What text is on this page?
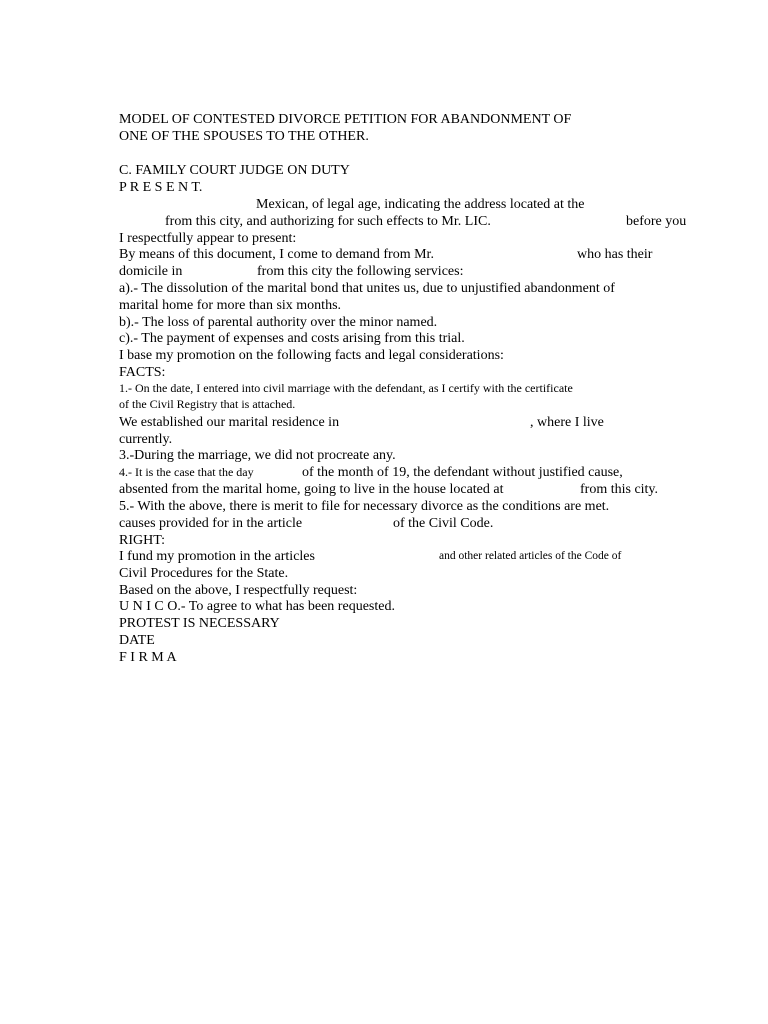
MODEL OF CONTESTED DIVORCE PETITION FOR ABANDONMENT OF
ONE OF THE SPOUSES TO THE OTHER.
C. FAMILY COURT JUDGE ON DUTY
P R E S E N T.
Mexican, of legal age, indicating the address located at the
from this city, and authorizing for such effects to Mr. LIC.	before you
I respectfully appear to present:
By means of this document, I come to demand from Mr.	who has their
domicile in	from this city the following services:
a).- The dissolution of the marital bond that unites us, due to unjustified abandonment of
marital home for more than six months.
b).- The loss of parental authority over the minor named.
c).- The payment of expenses and costs arising from this trial.
I base my promotion on the following facts and legal considerations:
FACTS:
1.- On the date, I entered into civil marriage with the defendant, as I certify with the certificate
of the Civil Registry that is attached.
We established our marital residence in	, where I live
currently.
3.-During the marriage, we did not procreate any.
4.- It is the case that the day	of the month of 19, the defendant without justified cause,
absented from the marital home, going to live in the house located at	from this city.
5.- With the above, there is merit to file for necessary divorce as the conditions are met.
causes provided for in the article	of the Civil Code.
RIGHT:
I fund my promotion in the articles	and other related articles of the Code of
Civil Procedures for the State.
Based on the above, I respectfully request:
U N I C O.- To agree to what has been requested.
PROTEST IS NECESSARY
DATE
F I R M A
